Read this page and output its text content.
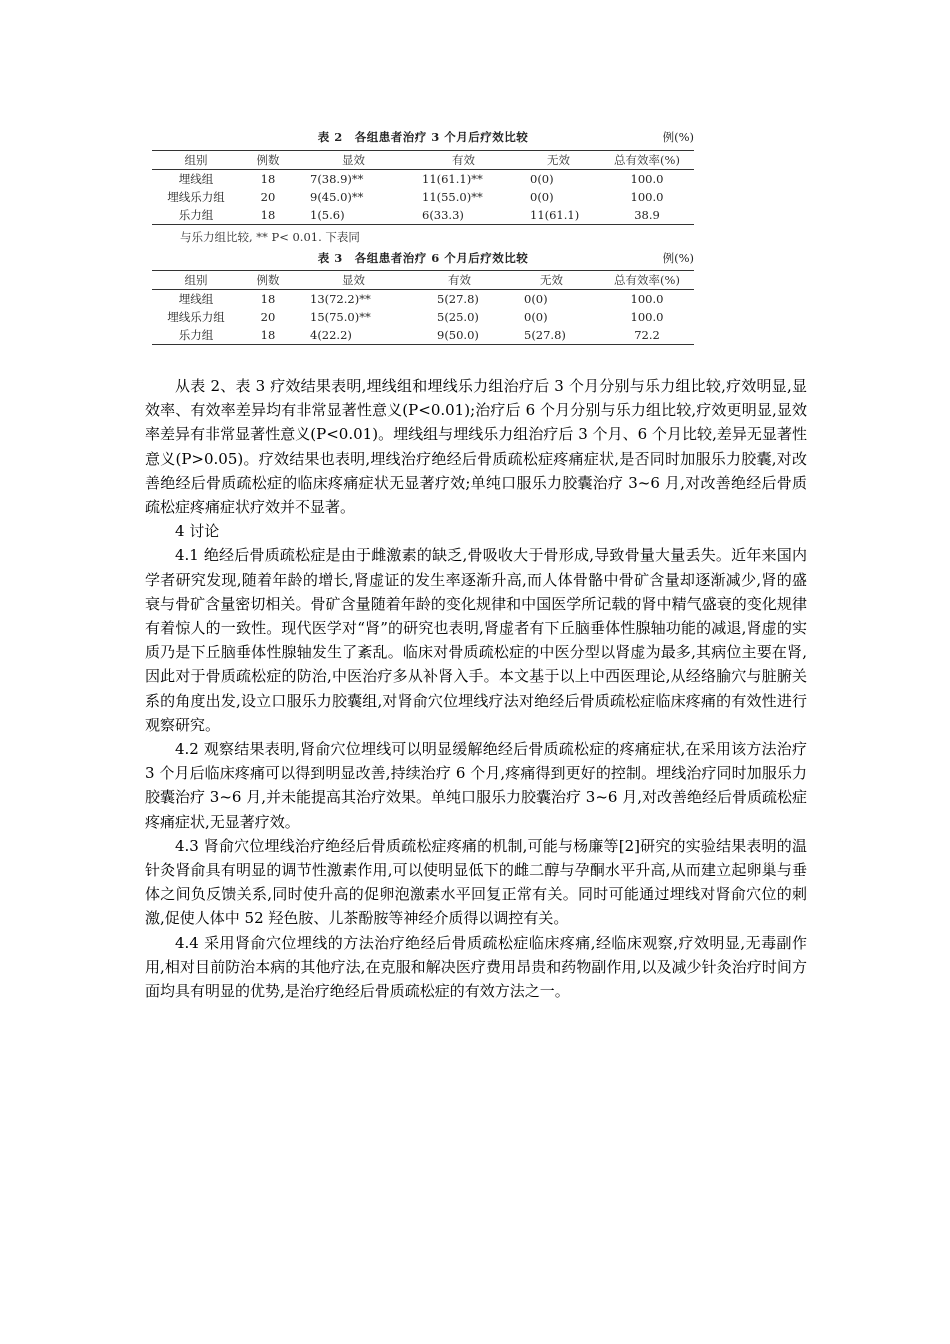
表 2　各组患者治疗 3 个月后疗效比较	例(%)
组别	例数	显效	有效	无效	总有效率(%)
埋线组	18	7(38.9)**	11(61.1)**	0(0)	100.0
埋线乐力组	20	9(45.0)**	11(55.0)**	0(0)	100.0
乐力组	18	1(5.6)	6(33.3)	11(61.1)	38.9
与乐力组比较, ** P< 0.01. 下表同
表 3　各组患者治疗 6 个月后疗效比较	例(%)
组别	例数	显效	有效	无效	总有效率(%)
埋线组	18	13(72.2)**	5(27.8)	0(0)	100.0
埋线乐力组	20	15(75.0)**	5(25.0)	0(0)	100.0
乐力组	18	4(22.2)	9(50.0)	5(27.8)	72.2

从表 2、表 3 疗效结果表明,埋线组和埋线乐力组治疗后 3 个月分别与乐力组比较,疗效明显,显效率、有效率差异均有非常显著性意义(P<0.01);治疗后 6 个月分别与乐力组比较,疗效更明显,显效率差异有非常显著性意义(P<0.01)。埋线组与埋线乐力组治疗后 3 个月、6 个月比较,差异无显著性意义(P>0.05)。疗效结果也表明,埋线治疗绝经后骨质疏松症疼痛症状,是否同时加服乐力胶囊,对改善绝经后骨质疏松症的临床疼痛症状无显著疗效;单纯口服乐力胶囊治疗 3~6 月,对改善绝经后骨质疏松症疼痛症状疗效并不显著。

4 讨论

4.1 绝经后骨质疏松症是由于雌激素的缺乏,骨吸收大于骨形成,导致骨量大量丢失。近年来国内学者研究发现,随着年龄的增长,肾虚证的发生率逐渐升高,而人体骨骼中骨矿含量却逐渐减少,肾的盛衰与骨矿含量密切相关。骨矿含量随着年龄的变化规律和中国医学所记载的肾中精气盛衰的变化规律有着惊人的一致性。现代医学对“肾”的研究也表明,肾虚者有下丘脑垂体性腺轴功能的减退,肾虚的实质乃是下丘脑垂体性腺轴发生了紊乱。临床对骨质疏松症的中医分型以肾虚为最多,其病位主要在肾,因此对于骨质疏松症的防治,中医治疗多从补肾入手。本文基于以上中西医理论,从经络腧穴与脏腑关系的角度出发,设立口服乐力胶囊组,对肾俞穴位埋线疗法对绝经后骨质疏松症临床疼痛的有效性进行观察研究。

4.2 观察结果表明,肾俞穴位埋线可以明显缓解绝经后骨质疏松症的疼痛症状,在采用该方法治疗 3 个月后临床疼痛可以得到明显改善,持续治疗 6 个月,疼痛得到更好的控制。埋线治疗同时加服乐力胶囊治疗 3~6 月,并未能提高其治疗效果。单纯口服乐力胶囊治疗 3~6 月,对改善绝经后骨质疏松症疼痛症状,无显著疗效。

4.3 肾俞穴位埋线治疗绝经后骨质疏松症疼痛的机制,可能与杨廉等[2]研究的实验结果表明的温针灸肾俞具有明显的调节性激素作用,可以使明显低下的雌二醇与孕酮水平升高,从而建立起卵巢与垂体之间负反馈关系,同时使升高的促卵泡激素水平回复正常有关。同时可能通过埋线对肾俞穴位的刺激,促使人体中 52 羟色胺、儿茶酚胺等神经介质得以调控有关。

4.4 采用肾俞穴位埋线的方法治疗绝经后骨质疏松症临床疼痛,经临床观察,疗效明显,无毒副作用,相对目前防治本病的其他疗法,在克服和解决医疗费用昂贵和药物副作用,以及减少针灸治疗时间方面均具有明显的优势,是治疗绝经后骨质疏松症的有效方法之一。
